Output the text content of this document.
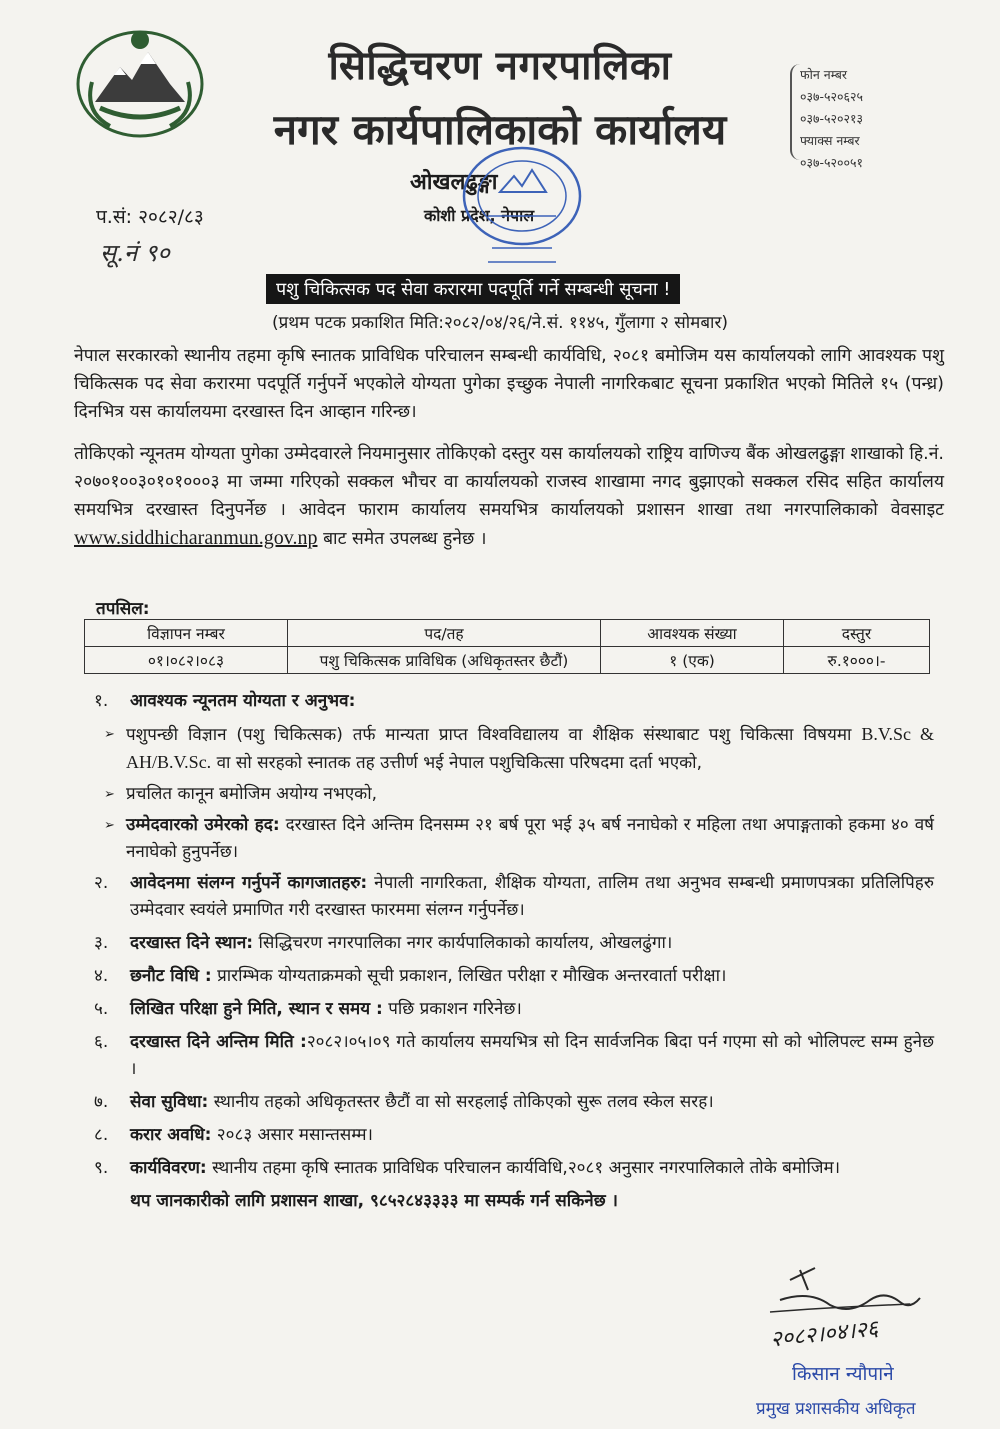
सिद्धिचरण नगरपालिका
नगर कार्यपालिकाको कार्यालय
ओखलढुङ्गा
कोशी प्रदेश, नेपाल
फोन नम्बर
०३७-५२०६२५
०३७-५२०२१३
फ्याक्स नम्बर
०३७-५२००५१
प.सं: २०८२/८३
सू.नं ९०
पशु चिकित्सक पद सेवा करारमा पदपूर्ति गर्ने सम्बन्धी सूचना !
(प्रथम पटक प्रकाशित मिति:२०८२/०४/२६/ने.सं. ११४५, गुँलागा २ सोमबार)
नेपाल सरकारको स्थानीय तहमा कृषि स्नातक प्राविधिक परिचालन सम्बन्धी कार्यविधि, २०८१ बमोजिम यस कार्यालयको लागि आवश्यक पशु चिकित्सक पद सेवा करारमा पदपूर्ति गर्नुपर्ने भएकोले योग्यता पुगेका इच्छुक नेपाली नागरिकबाट सूचना प्रकाशित भएको मितिले १५ (पन्ध्र) दिनभित्र यस कार्यालयमा दरखास्त दिन आव्हान गरिन्छ।
तोकिएको न्यूनतम योग्यता पुगेका उम्मेदवारले नियमानुसार तोकिएको दस्तुर यस कार्यालयको राष्ट्रिय वाणिज्य बैंक ओखलढुङ्गा शाखाको हि.नं. २०७०१००३०१०१०००३ मा जम्मा गरिएको सक्कल भौचर वा कार्यालयको राजस्व शाखामा नगद बुझाएको सक्कल रसिद सहित कार्यालय समयभित्र दरखास्त दिनुपर्नेछ । आवेदन फाराम कार्यालय समयभित्र कार्यालयको प्रशासन शाखा तथा नगरपालिकाको वेवसाइट www.siddhicharanmun.gov.np बाट समेत उपलब्ध हुनेछ ।
तपसिल:
विज्ञापन नम्बर	पद/तह	आवश्यक संख्या	दस्तुर
०१।०८२।०८३	पशु चिकित्सक प्राविधिक (अधिकृतस्तर छैटौं)	१ (एक)	रु.१०००।-
१.	आवश्यक न्यूनतम योग्यता र अनुभव:
➢ पशुपन्छी विज्ञान (पशु चिकित्सक) तर्फ मान्यता प्राप्त विश्वविद्यालय वा शैक्षिक संस्थाबाट पशु चिकित्सा विषयमा B.V.Sc & AH/B.V.Sc. वा सो सरहको स्नातक तह उत्तीर्ण भई नेपाल पशुचिकित्सा परिषदमा दर्ता भएको,
➢ प्रचलित कानून बमोजिम अयोग्य नभएको,
➢ उम्मेदवारको उमेरको हद: दरखास्त दिने अन्तिम दिनसम्म २१ बर्ष पूरा भई ३५ बर्ष ननाघेको र महिला तथा अपाङ्गताको हकमा ४० वर्ष ननाघेको हुनुपर्नेछ।
२.	आवेदनमा संलग्न गर्नुपर्ने कागजातहरु: नेपाली नागरिकता, शैक्षिक योग्यता, तालिम तथा अनुभव सम्बन्धी प्रमाणपत्रका प्रतिलिपिहरु उम्मेदवार स्वयंले प्रमाणित गरी दरखास्त फारममा संलग्न गर्नुपर्नेछ।
३.	दरखास्त दिने स्थान: सिद्धिचरण नगरपालिका नगर कार्यपालिकाको कार्यालय, ओखलढुंगा।
४.	छनौट विधि : प्रारम्भिक योग्यताक्रमको सूची प्रकाशन, लिखित परीक्षा र मौखिक अन्तरवार्ता परीक्षा।
५.	लिखित परिक्षा हुने मिति, स्थान र समय : पछि प्रकाशन गरिनेछ।
६.	दरखास्त दिने अन्तिम मिति :२०८२।०५।०९ गते कार्यालय समयभित्र सो दिन सार्वजनिक बिदा पर्न गएमा सो को भोलिपल्ट सम्म हुनेछ ।
७.	सेवा सुविधा: स्थानीय तहको अधिकृतस्तर छैटौं वा सो सरहलाई तोकिएको सुरू तलव स्केल सरह।
८.	करार अवधि: २०८३ असार मसान्तसम्म।
९.	कार्यविवरण: स्थानीय तहमा कृषि स्नातक प्राविधिक परिचालन कार्यविधि,२०८१ अनुसार नगरपालिकाले तोके बमोजिम।
थप जानकारीको लागि प्रशासन शाखा, ९८५२८४३३३३ मा सम्पर्क गर्न सकिनेछ ।
२०८२।०४।२६
किसान न्यौपाने
प्रमुख प्रशासकीय अधिकृत
